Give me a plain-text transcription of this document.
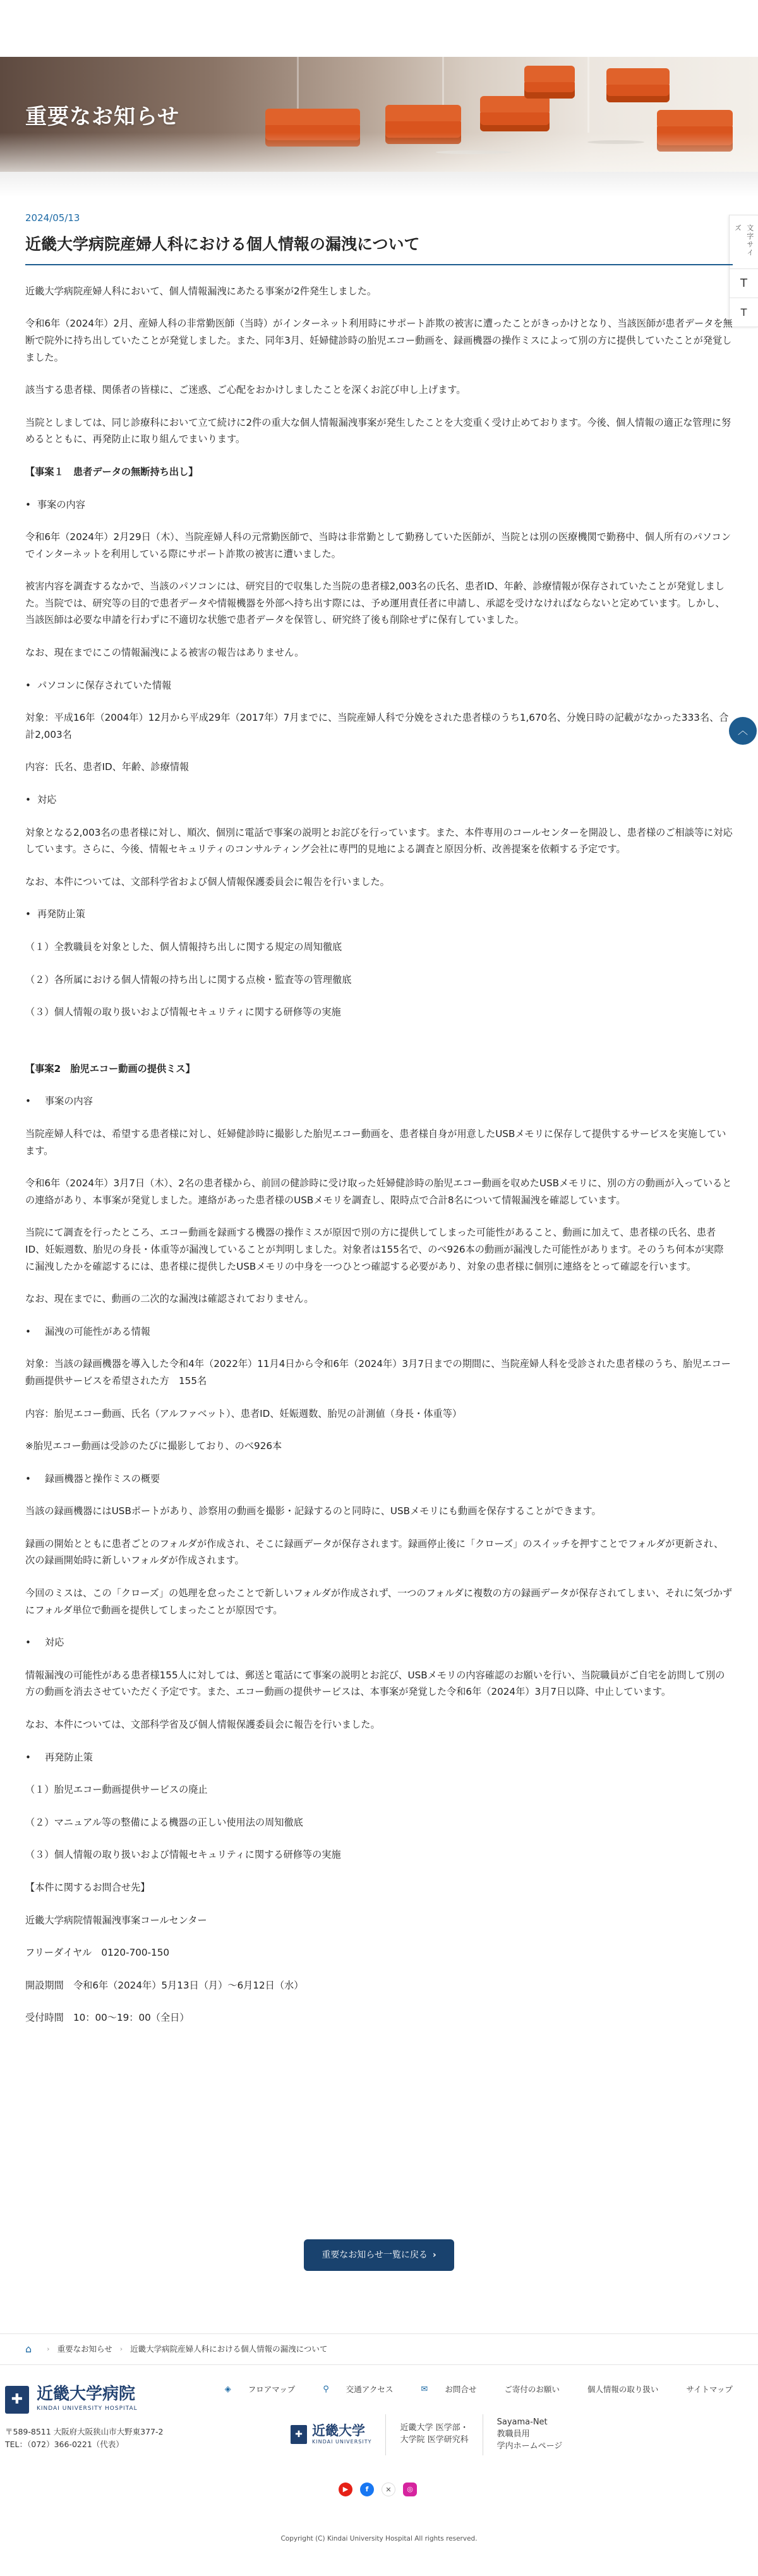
重要なお知らせ
文字サイズ
T
T
2024/05/13
近畿大学病院産婦人科における個人情報の漏洩について

近畿大学病院産婦人科において、個人情報漏洩にあたる事案が2件発生しました。

令和6年（2024年）2月、産婦人科の非常勤医師（当時）がインターネット利用時にサポート詐欺の被害に遭ったことがきっかけとなり、当該医師が患者データを無断で院外に持ち出していたことが発覚しました。また、同年3月、妊婦健診時の胎児エコー動画を、録画機器の操作ミスによって別の方に提供していたことが発覚しました。

該当する患者様、関係者の皆様に、ご迷惑、ご心配をおかけしましたことを深くお詫び申し上げます。

当院としましては、同じ診療科において立て続けに2件の重大な個人情報漏洩事案が発生したことを大変重く受け止めております。今後、個人情報の適正な管理に努めるとともに、再発防止に取り組んでまいります。

【事案１　患者データの無断持ち出し】

• 事案の内容

令和6年（2024年）2月29日（木）、当院産婦人科の元常勤医師で、当時は非常勤として勤務していた医師が、当院とは別の医療機関で勤務中、個人所有のパソコンでインターネットを利用している際にサポート詐欺の被害に遭いました。

被害内容を調査するなかで、当該のパソコンには、研究目的で収集した当院の患者様2,003名の氏名、患者ID、年齢、診療情報が保存されていたことが発覚しました。当院では、研究等の目的で患者データや情報機器を外部へ持ち出す際には、予め運用責任者に申請し、承認を受けなければならないと定めています。しかし、当該医師は必要な申請を行わずに不適切な状態で患者データを保管し、研究終了後も削除せずに保有していました。

なお、現在までにこの情報漏洩による被害の報告はありません。

• パソコンに保存されていた情報

対象：平成16年（2004年）12月から平成29年（2017年）7月までに、当院産婦人科で分娩をされた患者様のうち1,670名、分娩日時の記載がなかった333名、合計2,003名

内容：氏名、患者ID、年齢、診療情報

• 対応

対象となる2,003名の患者様に対し、順次、個別に電話で事案の説明とお詫びを行っています。また、本件専用のコールセンターを開設し、患者様のご相談等に対応しています。さらに、今後、情報セキュリティのコンサルティング会社に専門的見地による調査と原因分析、改善提案を依頼する予定です。

なお、本件については、文部科学省および個人情報保護委員会に報告を行いました。

• 再発防止策

（１）全教職員を対象とした、個人情報持ち出しに関する規定の周知徹底

（２）各所属における個人情報の持ち出しに関する点検・監査等の管理徹底

（３）個人情報の取り扱いおよび情報セキュリティに関する研修等の実施

【事案2　胎児エコー動画の提供ミス】

• 事案の内容

当院産婦人科では、希望する患者様に対し、妊婦健診時に撮影した胎児エコー動画を、患者様自身が用意したUSBメモリに保存して提供するサービスを実施しています。

令和6年（2024年）3月7日（木）、2名の患者様から、前回の健診時に受け取った妊婦健診時の胎児エコー動画を収めたUSBメモリに、別の方の動画が入っているとの連絡があり、本事案が発覚しました。連絡があった患者様のUSBメモリを調査し、限時点で合計8名について情報漏洩を確認しています。

当院にて調査を行ったところ、エコー動画を録画する機器の操作ミスが原因で別の方に提供してしまった可能性があること、動画に加えて、患者様の氏名、患者ID、妊娠週数、胎児の身長・体重等が漏洩していることが判明しました。対象者は155名で、のべ926本の動画が漏洩した可能性があります。そのうち何本が実際に漏洩したかを確認するには、患者様に提供したUSBメモリの中身を一つひとつ確認する必要があり、対象の患者様に個別に連絡をとって確認を行います。

なお、現在までに、動画の二次的な漏洩は確認されておりません。

• 漏洩の可能性がある情報

対象：当該の録画機器を導入した令和4年（2022年）11月4日から令和6年（2024年）3月7日までの期間に、当院産婦人科を受診された患者様のうち、胎児エコー動画提供サービスを希望された方　155名

内容：胎児エコー動画、氏名（アルファベット）、患者ID、妊娠週数、胎児の計測値（身長・体重等）

※胎児エコー動画は受診のたびに撮影しており、のべ926本

• 録画機器と操作ミスの概要

当該の録画機器にはUSBポートがあり、診察用の動画を撮影・記録するのと同時に、USBメモリにも動画を保存することができます。

録画の開始とともに患者ごとのフォルダが作成され、そこに録画データが保存されます。録画停止後に「クローズ」のスイッチを押すことでフォルダが更新され、次の録画開始時に新しいフォルダが作成されます。

今回のミスは、この「クローズ」の処理を怠ったことで新しいフォルダが作成されず、一つのフォルダに複数の方の録画データが保存されてしまい、それに気づかずにフォルダ単位で動画を提供してしまったことが原因です。

• 対応

情報漏洩の可能性がある患者様155人に対しては、郵送と電話にて事案の説明とお詫び、USBメモリの内容確認のお願いを行い、当院職員がご自宅を訪問して別の方の動画を消去させていただく予定です。また、エコー動画の提供サービスは、本事案が発覚した令和6年（2024年）3月7日以降、中止しています。

なお、本件については、文部科学省及び個人情報保護委員会に報告を行いました。

• 再発防止策

（１）胎児エコー動画提供サービスの廃止

（２）マニュアル等の整備による機器の正しい使用法の周知徹底

（３）個人情報の取り扱いおよび情報セキュリティに関する研修等の実施

【本件に関するお問合せ先】

近畿大学病院情報漏洩事案コールセンター

フリーダイヤル　0120-700-150

開設期間　令和6年（2024年）5月13日（月）～6月12日（水）

受付時間　10：00～19：00（全日）

︿
重要なお知らせ一覧に戻る ›
⌂ › 重要なお知らせ › 近畿大学病院産婦人科における個人情報の漏洩について
✚ 近畿大学病院
KINDAI UNIVERSITY HOSPITAL
〒589-8511 大阪府大阪狭山市大野東377-2
TEL：（072）366-0221（代表）
◈ フロアマップ	⚲ 交通アクセス	✉ お問合せ	ご寄付のお願い	個人情報の取り扱い	サイトマップ
✚ 近畿大学
KINDAI UNIVERSITY
近畿大学 医学部・
大学院 医学研究科
Sayama-Net
教職員用
学内ホームページ
▶	f	✕	◎
Copyright (C) Kindai University Hospital All rights reserved.
